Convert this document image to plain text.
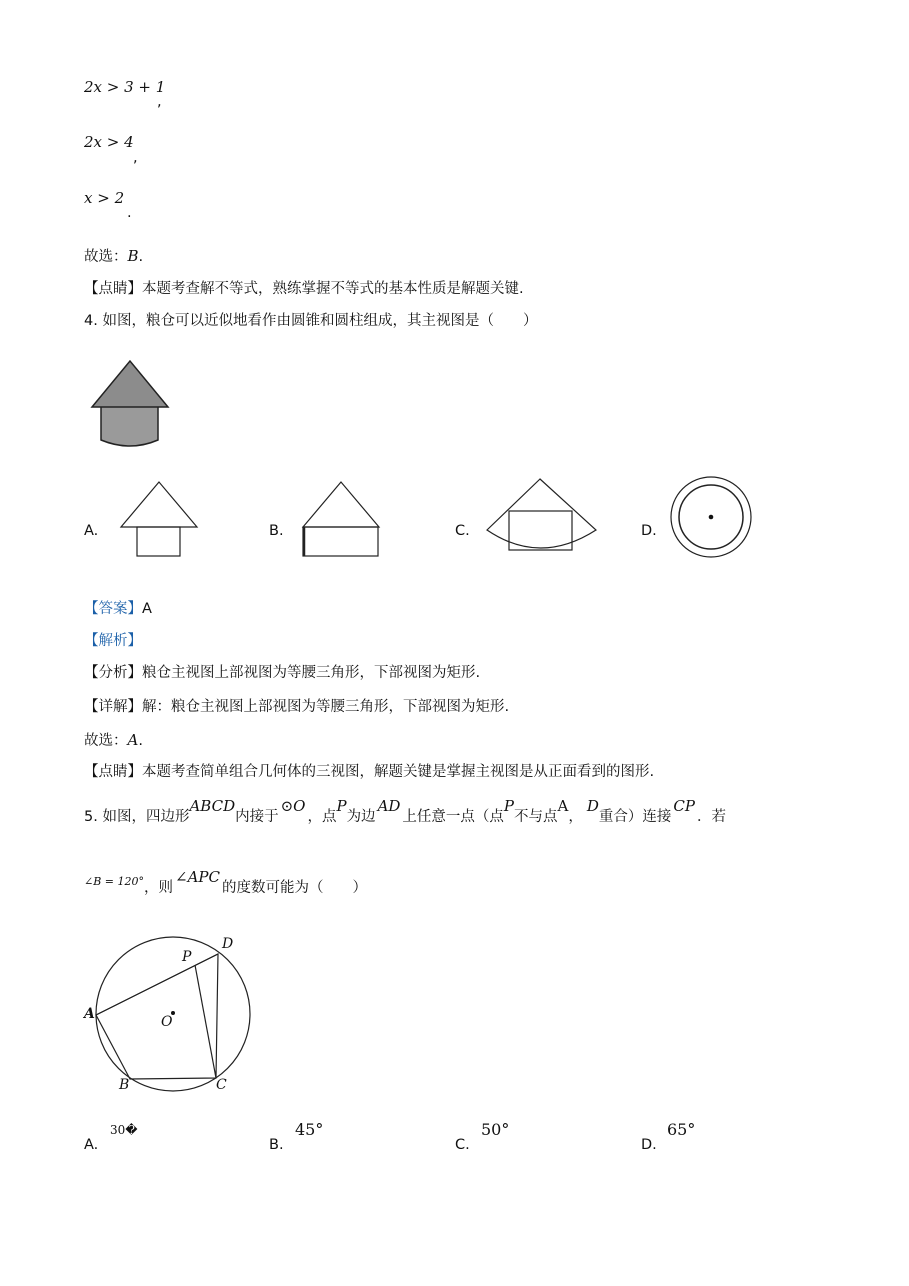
2x > 3 + 1
,
2x > 4
,
x > 2
.
故选：B.
【点睛】本题考查解不等式，熟练掌握不等式的基本性质是解题关键.
4. 如图，粮仓可以近似地看作由圆锥和圆柱组成，其主视图是（　　）
A.	B.	C.	D.
【答案】A
【解析】
【分析】粮仓主视图上部视图为等腰三角形，下部视图为矩形.
【详解】解：粮仓主视图上部视图为等腰三角形，下部视图为矩形.
故选：A.
【点睛】本题考查简单组合几何体的三视图，解题关键是掌握主视图是从正面看到的图形.
5. 如图，四边形ABCD内接于⊙O，点P为边AD上任意一点（点P不与点A，D重合）连接CP．若
$^{\angle B = 120^\circ}$，则∠APC的度数可能为（　　）
D
P
A	O
B	C
A.
30�
B.
45°
C.
50°
D.
65°
